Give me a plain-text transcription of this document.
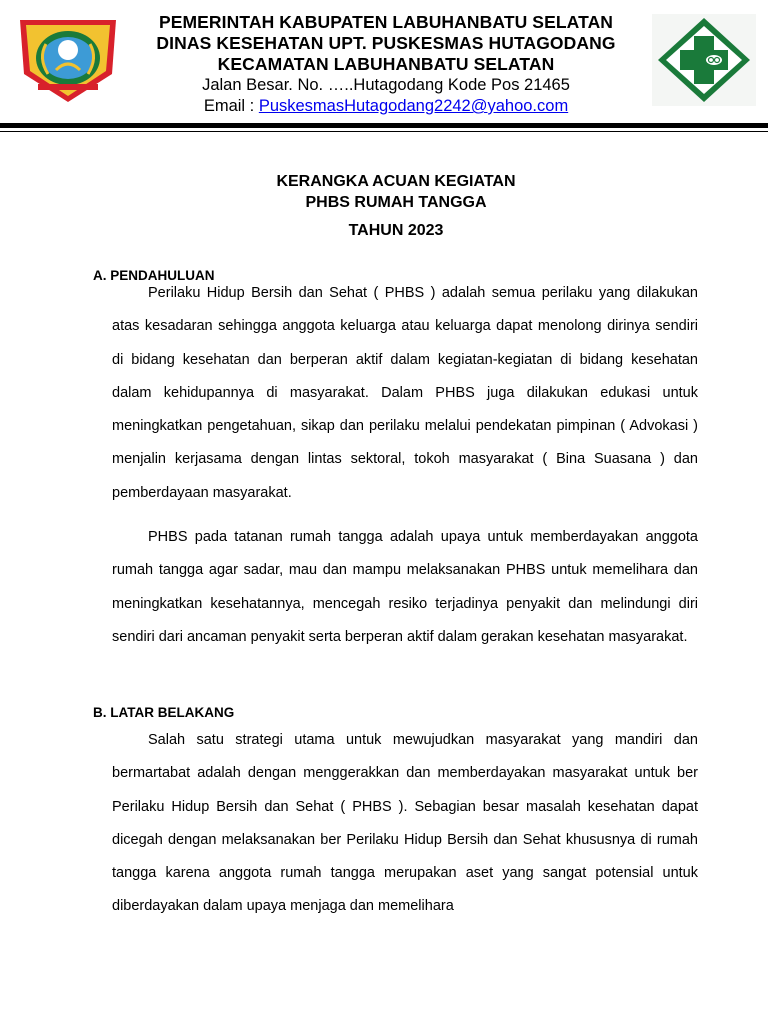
PEMERINTAH KABUPATEN LABUHANBATU SELATAN
DINAS KESEHATAN UPT. PUSKESMAS HUTAGODANG
KECAMATAN LABUHANBATU SELATAN
Jalan Besar. No. …..Hutagodang Kode Pos 21465
Email : PuskesmasHutagodang2242@yahoo.com
KERANGKA ACUAN KEGIATAN
PHBS RUMAH TANGGA
TAHUN 2023
A. PENDAHULUAN

Perilaku Hidup Bersih dan Sehat ( PHBS ) adalah semua perilaku yang dilakukan atas kesadaran sehingga anggota keluarga atau keluarga dapat menolong dirinya sendiri di bidang kesehatan dan berperan aktif dalam kegiatan-kegiatan di bidang kesehatan dalam kehidupannya di masyarakat. Dalam PHBS juga dilakukan edukasi untuk meningkatkan pengetahuan, sikap dan perilaku melalui pendekatan pimpinan ( Advokasi ) menjalin kerjasama dengan lintas sektoral, tokoh masyarakat ( Bina Suasana ) dan pemberdayaan masyarakat.

PHBS pada tatanan rumah tangga adalah upaya untuk memberdayakan anggota rumah tangga agar sadar, mau dan mampu melaksanakan PHBS untuk memelihara dan meningkatkan kesehatannya, mencegah resiko terjadinya penyakit dan melindungi diri sendiri dari ancaman penyakit serta berperan aktif dalam gerakan kesehatan masyarakat.

B. LATAR BELAKANG

Salah satu strategi utama untuk mewujudkan masyarakat yang mandiri dan bermartabat adalah dengan menggerakkan dan memberdayakan masyarakat untuk ber Perilaku Hidup Bersih dan Sehat ( PHBS ). Sebagian besar masalah kesehatan dapat dicegah dengan melaksanakan ber Perilaku Hidup Bersih dan Sehat khususnya di rumah tangga karena anggota rumah tangga merupakan aset yang sangat potensial untuk diberdayakan dalam upaya menjaga dan memelihara
